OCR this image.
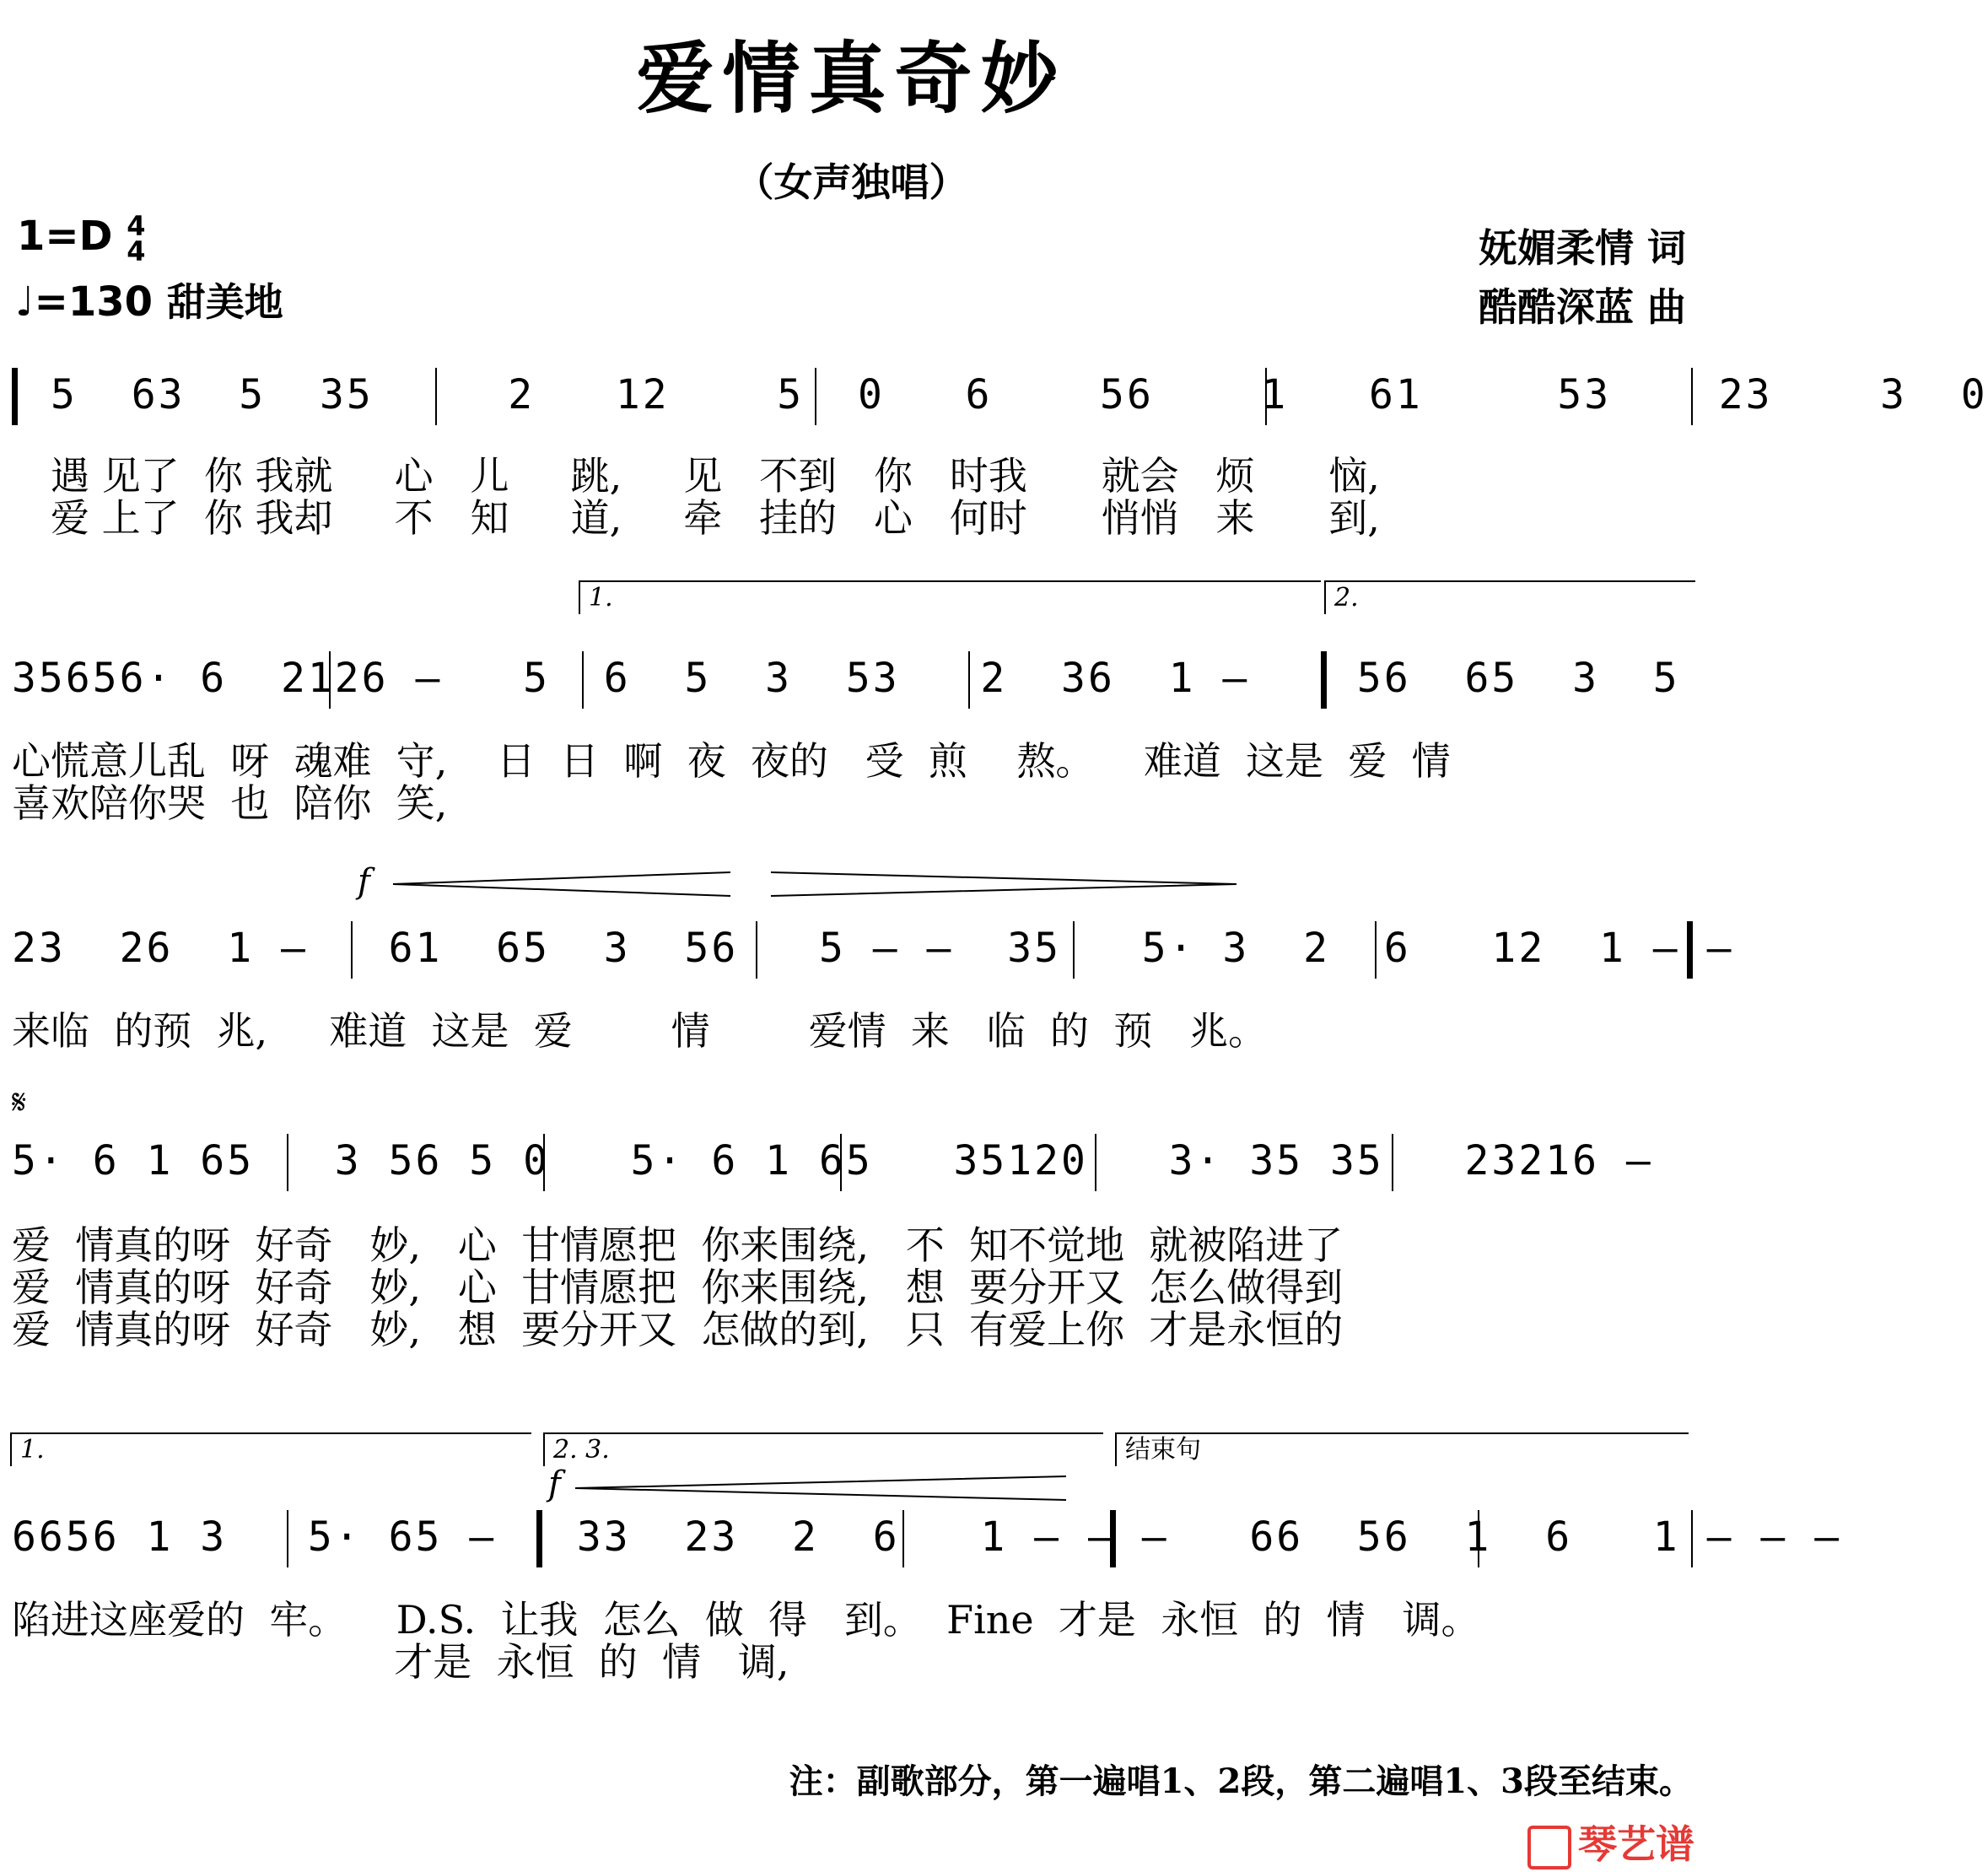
爱情真奇妙
（女声独唱）
1=D 4
4
♩=130 甜美地
妩媚柔情 词
酷酷深蓝 曲
5  63  5  35     2   12    5  0   6    56    1   61     53    23    3  0
遇 见了  你 我就     心   儿     跳,     见   不到   你   时我      就会   烦      恼,
爱 上了  你 我却     不   知     道,     牵   挂的   心   何时      悄悄   来      到,
1.	2.
35656· 6  2126 –   5  6  5  3  53   2  36  1 –    56  65  3  5
心慌意儿乱  呀  魂难  守,    日  日  啊  夜  夜的   受  煎    熬。    难道  这是  爱  情
喜欢陪你哭  也  陪你  笑,
f
23  26  1 –   61  65  3  56   5 – –  35   5· 3  2  6   12  1 – –
来临  的预  兆,     难道  这是  爱        情        爱情  来   临  的  预   兆。
𝄋
5· 6 1 65   3 56 5 0   5· 6 1 65   35120   3· 35 35   23216 –
爱  情真的呀  好奇   妙,   心  甘情愿把  你来围绕,   不  知不觉地  就被陷进了
爱  情真的呀  好奇   妙,   心  甘情愿把  你来围绕,   想  要分开又  怎么做得到
爱  情真的呀  好奇   妙,   想  要分开又  怎做的到,   只  有爱上你  才是永恒的
1.	2. 3.	结束句
f
6656 1 3   5· 65 –   33  23  2  6   1 – – –   66  56  1  6   1 – – –
陷进这座爱的  牢。    D.S.  让我  怎么  做  得   到。  Fine  才是  永恒  的  情   调。
才是  永恒  的  情   调,
注：副歌部分，第一遍唱1、2段，第二遍唱1、3段至结束。
琴艺谱
